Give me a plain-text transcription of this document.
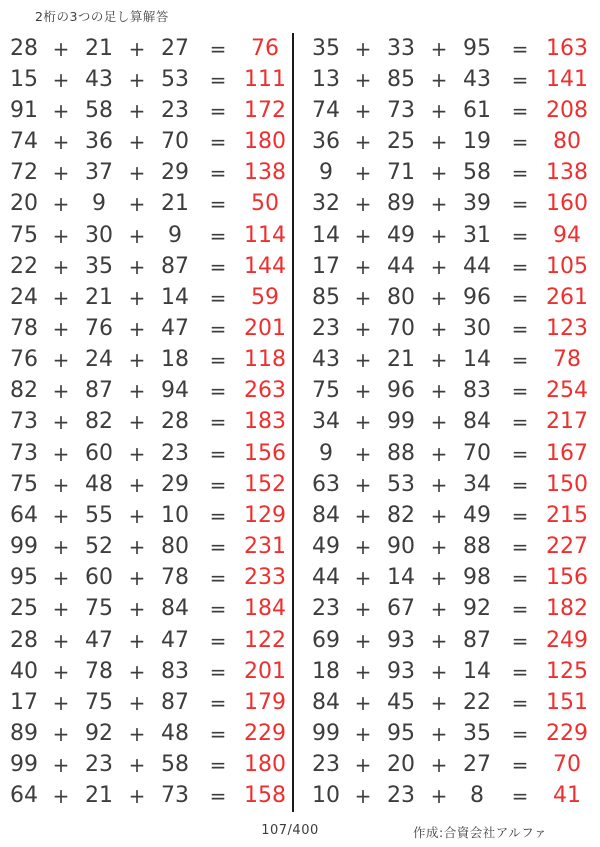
2桁の3つの足し算解答
28 + 21 + 27	=	76
15 + 43 + 53	= 111
91 + 58 + 23	= 172
74 + 36 + 70	= 180
72 + 37 + 29	= 138
20 +	9	+ 21	=	50
75 + 30 +	9	= 114
22 + 35 + 87	= 144
24 + 21 + 14	=	59
78 + 76 + 47	= 201
76 + 24 + 18	= 118
82 + 87 + 94	= 263
73 + 82 + 28	= 183
73 + 60 + 23	= 156
75 + 48 + 29	= 152
64 + 55 + 10	= 129
99 + 52 + 80	= 231
95 + 60 + 78	= 233
25 + 75 + 84	= 184
28 + 47 + 47	= 122
40 + 78 + 83	= 201
17 + 75 + 87	= 179
89 + 92 + 48	= 229
99 + 23 + 58	= 180
64 + 21 + 73	= 158
35 + 33 + 95	= 163
13 + 85 + 43	= 141
74 + 73 + 61	= 208
36 + 25 + 19	=	80
9	+ 71 + 58	= 138
32 + 89 + 39	= 160
14 + 49 + 31	=	94
17 + 44 + 44	= 105
85 + 80 + 96	= 261
23 + 70 + 30	= 123
43 + 21 + 14	=	78
75 + 96 + 83	= 254
34 + 99 + 84	= 217
9	+ 88 + 70	= 167
63 + 53 + 34	= 150
84 + 82 + 49	= 215
49 + 90 + 88	= 227
44 + 14 + 98	= 156
23 + 67 + 92	= 182
69 + 93 + 87	= 249
18 + 93 + 14	= 125
84 + 45 + 22	= 151
99 + 95 + 35	= 229
23 + 20 + 27	=	70
10 + 23 +	8	=	41
107/400	作成:合資会社アルファ
